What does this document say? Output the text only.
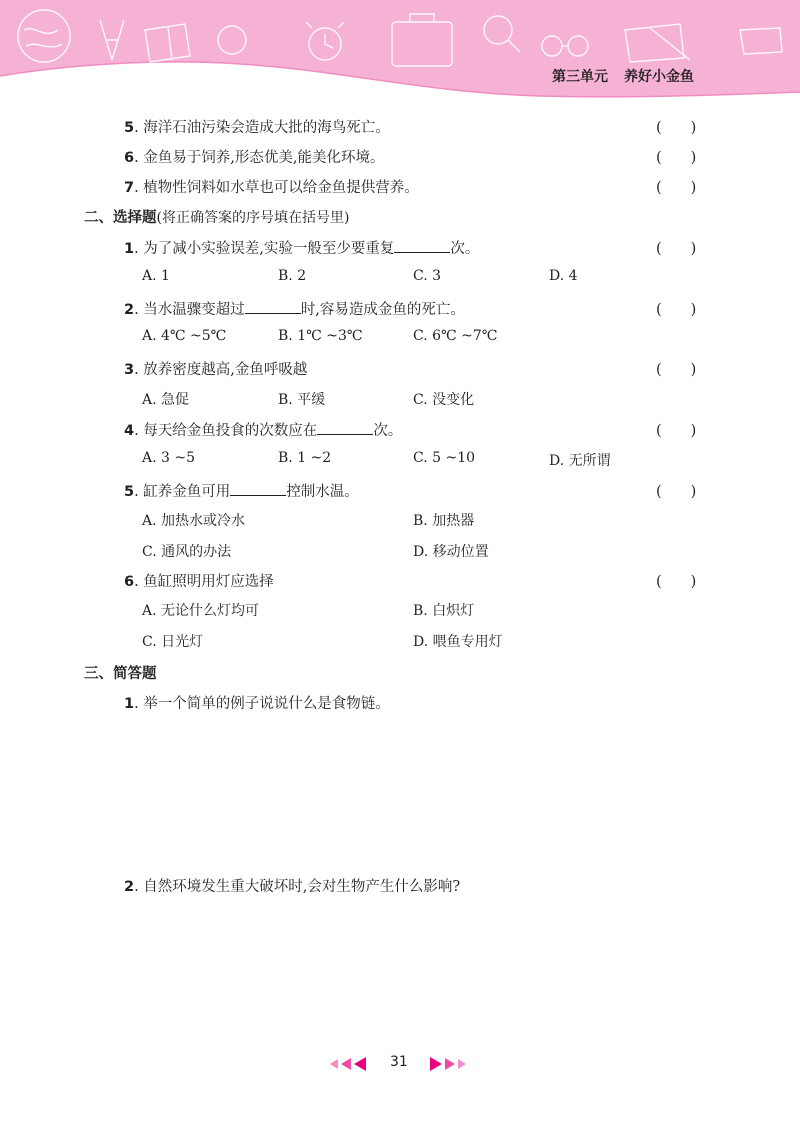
第三单元 养好小金鱼
5. 海洋石油污染会造成大批的海鸟死亡。	(　　)
6. 金鱼易于饲养,形态优美,能美化环境。	(　　)
7. 植物性饲料如水草也可以给金鱼提供营养。	(　　)
二、选择题(将正确答案的序号填在括号里)
1. 为了减小实验误差,实验一般至少要重复	次。	(　　)
A. 1	B. 2	C. 3	D. 4
2. 当水温骤变超过	时,容易造成金鱼的死亡。	(　　)
A. 4℃ ~5℃	B. 1℃ ~3℃	C. 6℃ ~7℃
3. 放养密度越高,金鱼呼吸越	(　　)
A. 急促	B. 平缓	C. 没变化
4. 每天给金鱼投食的次数应在	次。	(　　)
A. 3 ~5	B. 1 ~2	C. 5 ~10	D. 无所谓
5. 缸养金鱼可用	控制水温。	(　　)
A. 加热水或冷水	B. 加热器
C. 通风的办法	D. 移动位置
6. 鱼缸照明用灯应选择	(　　)
A. 无论什么灯均可	B. 白炽灯
C. 日光灯	D. 喂鱼专用灯
三、简答题
1. 举一个简单的例子说说什么是食物链。
2. 自然环境发生重大破坏时,会对生物产生什么影响?
31
